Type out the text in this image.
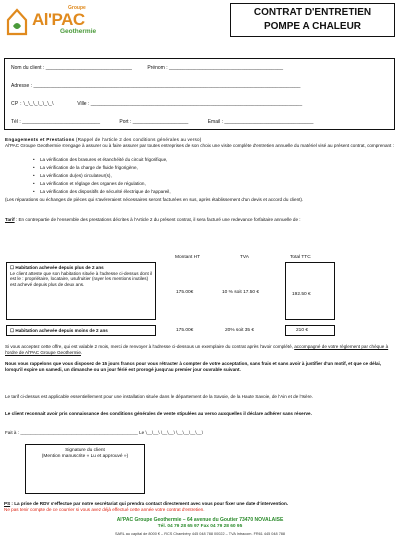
Groupe
Al'PAC
Geothermie
CONTRAT D'ENTRETIEN
POMPE A CHALEUR
Nom du client : _______________________________	Prénom : _________________________________________
Adresse : ________________________________________________________________________________________________
CP : \_\_\_\_\_\_\	Ville : ____________________________________________________________________________
Tél : ____________________________	Port : ____________________	Email : ________________________________
Engagements et Prestations (Rappel de l'article 2 des conditions générales au verso)
Al'PAC Groupe Geothermie s'engage à assurer ou à faire assurer par toutes entreprises de son choix une visite complète d'entretien annuelle du matériel visé au présent contrat, comprenant :
• La vérification des brasures et étanchéité du circuit frigorifique,
• La vérification de la charge de fluide frigorigène,
• La vérification du(es) circulateur(s),
• La vérification et réglage des organes de régulation,
• La vérification des dispositifs de sécurité électrique de l'appareil,
(Les réparations ou échanges de pièces qui s'avéreraient nécessaires seront facturées en sus, après établissement d'un devis et accord du client).
Tarif : En contrepartie de l'ensemble des prestations décrites à l'Article 2 du présent contrat, il sera facturé une redevance forfaitaire annuelle de :
Montant HT	TVA	Total TTC
☐ Habitation achevée depuis plus de 2 ans
Le client atteste que son habitation située à l'adresse ci-dessus dont il est le : propriétaire, locataire, usufruitier (rayer les mentions inutiles) est achevé depuis plus de deux ans.
175.00€	10 % soit 17.50 €	192.50 €
☐ Habitation achevée depuis moins de 2 ans	175.00€	20% soit 35 €	210 €
Si vous acceptez cette offre, qui est valable 2 mois, merci de renvoyer à l'adresse ci-dessous un exemplaire du contrat après l'avoir complété, accompagné de votre règlement par chèque à l'ordre de Al'PAC Groupe Geothermie.
Nous vous rappelons que vous disposez de 15 jours francs pour vous rétracter à compter de votre acceptation, sans frais et sans avoir à justifier d'un motif, et que ce délai, lorsqu'il expire un samedi, un dimanche ou un jour férié est prorogé jusqu'au premier jour ouvrable suivant.
Le tarif ci-dessus est applicable essentiellement pour une installation située dans le département de la Savoie, de la Haute Savoie, de l'Ain et de l'Isère.
Le client reconnait avoir pris connaissance des conditions générales de vente stipulées au verso auxquelles il déclare adhérer sans réserve.
Fait à : ______________________________________________ Le \__\__\ \__\__\ \__\__\__\__\
Signature du client
(Mention manuscrite « Lu et approuvé »)
PS : La prise de RDV s'effectue par notre secrétariat qui prendra contact directement avec vous pour fixer une date d'intervention.
Ne pas tenir compte de ce courrier si vous avez déjà effectué cette année votre contrat d'entretien.
Al'PAC Groupe Geothermie – 64 avenue du Goutier 73470 NOVALAISE
Tél. 04 79 28 65 97 Fax 04 79 28 60 95
SARL au capital de 8000 € – RCS Chambéry 445 048 788 00022 – TVA Intracom. FR61 445 048 788
